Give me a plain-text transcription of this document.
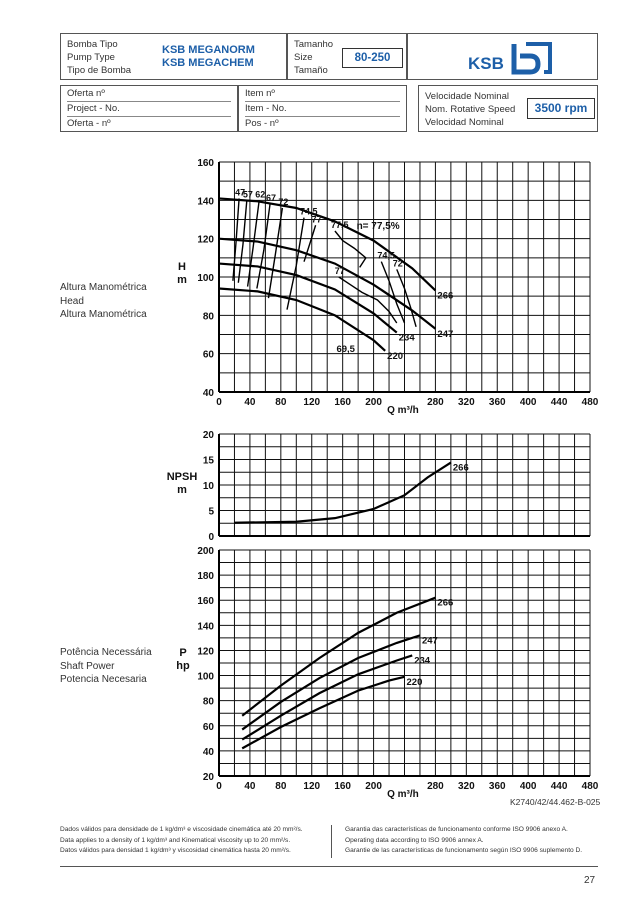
Bomba Tipo
Pump Type
Tipo de Bomba
KSB MEGANORM
KSB MEGACHEM
Tamanho
Size
Tamaño
80-250	KSB
Oferta nº
Project - No.
Oferta - nº
Item nº
Item - No.
Pos - nº
Velocidade Nominal
Nom. Rotative Speed
Velocidad Nominal
3500 rpm
Altura Manométrica
Head
Altura Manométrica
Potência Necessária
Shaft Power
Potencia Necesaria
H
m
NPSH
m
P
hp
40
60
80
100
120
140
160
0 40 80 120 160 200	280 320 360 400 440 480
Q m³/h
266
247
234
220
47
57 62 67 72
74,5
77
77,5
77
74,5
72
n= 77,5%
69,5
0
5
10
15
20
266
20
40
60
80
100
120
140
160
180
200
0 40 80 120 160 200	280 320 360 400 440 480
Q m³/h
266
247
234
220
K2740/42/44.462-B-025
Dados válidos para densidade de 1 kg/dm³ e viscosidade cinemática até 20 mm²/s.
Data applies to a density of 1 kg/dm³ and Kinematical viscosity up to 20 mm²/s.
Datos válidos para densidad 1 kg/dm³ y viscosidad cinemática hasta 20 mm²/s.
Garantia das características de funcionamento conforme ISO 9906 anexo A.
Operating data according to ISO 9906 annex A.
Garantie de las características de funcionamento según ISO 9906 suplemento D.
27
